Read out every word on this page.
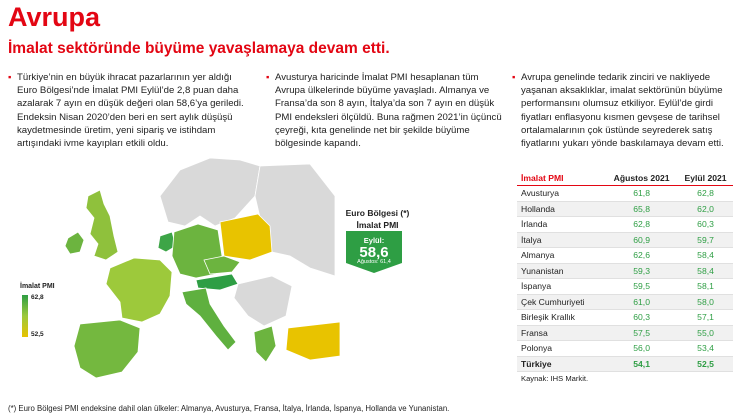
Avrupa
İmalat sektöründe büyüme yavaşlamaya devam etti.
▪ Türkiye’nin en büyük ihracat pazarlarının yer aldığı Euro Bölgesi’nde İmalat PMI Eylül’de 2,8 puan daha azalarak 7 ayın en düşük değeri olan 58,6’ya geriledi. Endeksin Nisan 2020’den beri en sert aylık düşüşü kaydetmesinde üretim, yeni sipariş ve istihdam artışındaki ivme kayıpları etkili oldu.
▪ Avusturya haricinde İmalat PMI hesaplanan tüm Avrupa ülkelerinde büyüme yavaşladı. Almanya ve Fransa’da son 8 ayın, İtalya’da son 7 ayın en düşük PMI endeksleri ölçüldü. Buna rağmen 2021’in üçüncü çeyreği, kıta genelinde net bir şekilde büyüme bölgesinde kapandı.
▪ Avrupa genelinde tedarik zinciri ve nakliyede yaşanan aksaklıklar, imalat sektörünün büyüme performansını olumsuz etkiliyor. Eylül’de girdi fiyatları enflasyonu kısmen gevşese de tarihsel ortalamalarının çok üstünde seyrederek satış fiyatlarını yukarı yönde baskılamaya devam etti.
İmalat PMI
62,8
52,5
Euro Bölgesi (*)
İmalat PMI
Eylül:
58,6
Ağustos: 61,4
İmalat PMI	Ağustos 2021	Eylül 2021
Avusturya	61,8	62,8
Hollanda	65,8	62,0
İrlanda	62,8	60,3
İtalya	60,9	59,7
Almanya	62,6	58,4
Yunanistan	59,3	58,4
İspanya	59,5	58,1
Çek Cumhuriyeti	61,0	58,0
Birleşik Krallık	60,3	57,1
Fransa	57,5	55,0
Polonya	56,0	53,4
Türkiye	54,1	52,5
Kaynak: IHS Markit.
(*) Euro Bölgesi PMI endeksine dahil olan ülkeler: Almanya, Avusturya, Fransa, İtalya, İrlanda, İspanya, Hollanda ve Yunanistan.
